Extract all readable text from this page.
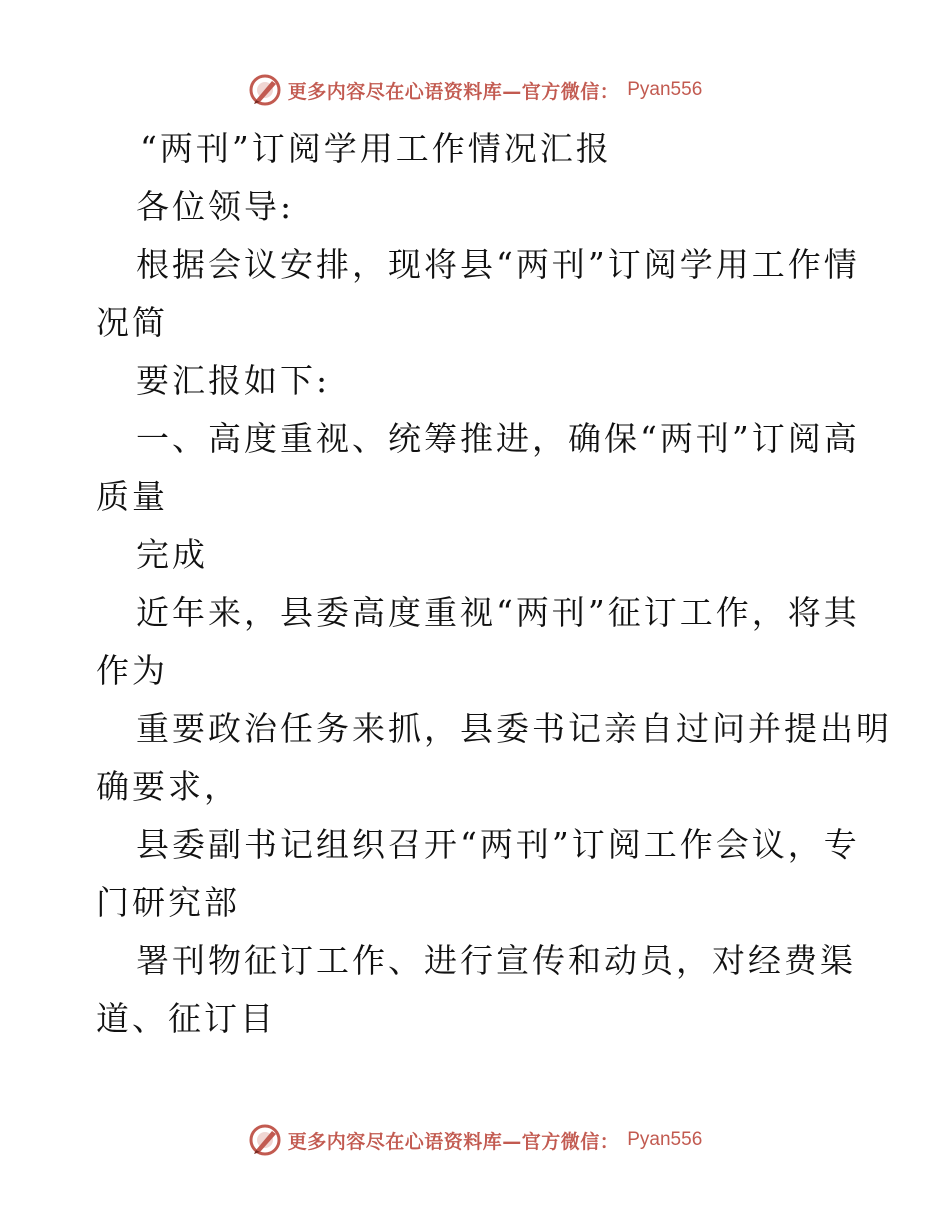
更多内容尽在心语资料库—官方微信： Pyan556
“两刊”订阅学用工作情况汇报
各位领导:
根据会议安排，现将县“两刊”订阅学用工作情
况简
要汇报如下:
一、高度重视、统筹推进，确保“两刊”订阅高
质量
完成
近年来，县委高度重视“两刊”征订工作，将其
作为
重要政治任务来抓，县委书记亲自过问并提出明
确要求，
县委副书记组织召开“两刊”订阅工作会议，专
门研究部
署刊物征订工作、进行宣传和动员，对经费渠
道、征订目
更多内容尽在心语资料库—官方微信： Pyan556
